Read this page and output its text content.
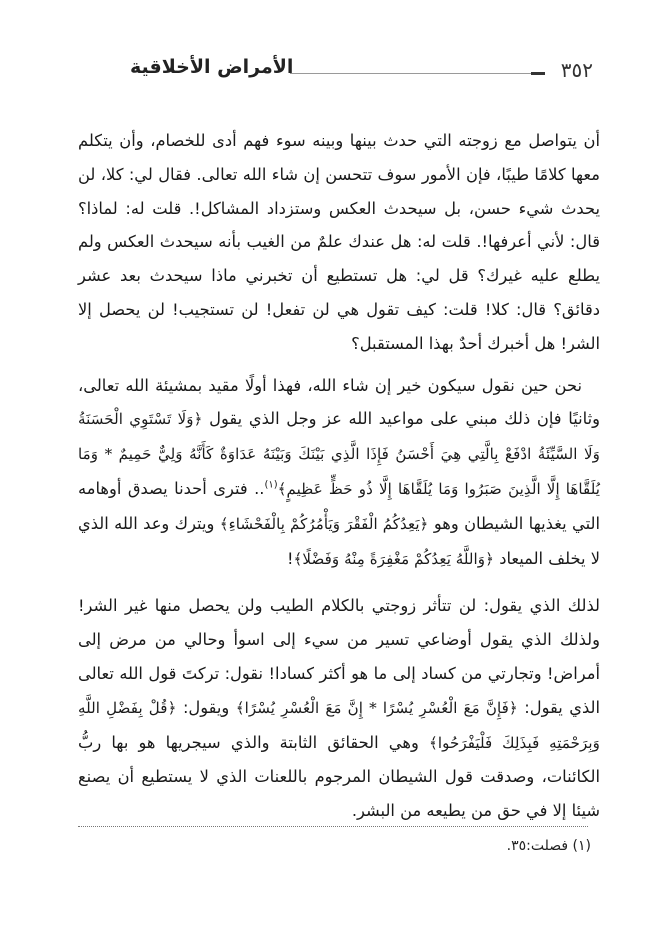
٣٥٢
الأمراض الأخلاقية

أن يتواصل مع زوجته التي حدث بينها وبينه سوء فهم أدى للخصام، وأن يتكلم معها كلامًا طيبًا، فإن الأمور سوف تتحسن إن شاء الله تعالى. فقال لي: كلا، لن يحدث شيء حسن، بل سيحدث العكس وستزداد المشاكل!. قلت له: لماذا؟ قال: لأني أعرفها!. قلت له: هل عندك علمٌ من الغيب بأنه سيحدث العكس ولم يطلع عليه غيرك؟ قل لي: هل تستطيع أن تخبرني ماذا سيحدث بعد عشر دقائق؟ قال: كلا! قلت: كيف تقول هي لن تفعل! لن تستجيب! لن يحصل إلا الشر! هل أخبرك أحدٌ بهذا المستقبل؟

نحن حين نقول سيكون خير إن شاء الله، فهذا أولًا مقيد بمشيئة الله تعالى، وثانيًا فإن ذلك مبني على مواعيد الله عز وجل الذي يقول ﴿وَلَا تَسْتَوِي الْحَسَنَةُ وَلَا السَّيِّئَةُ ادْفَعْ بِالَّتِي هِيَ أَحْسَنُ فَإِذَا الَّذِي بَيْنَكَ وَبَيْنَهُ عَدَاوَةٌ كَأَنَّهُ وَلِيٌّ حَمِيمٌ * وَمَا يُلَقَّاهَا إِلَّا الَّذِينَ صَبَرُوا وَمَا يُلَقَّاهَا إِلَّا ذُو حَظٍّ عَظِيمٍ﴾$^{(١)}$.. فترى أحدنا يصدق أوهامه التي يغذيها الشيطان وهو ﴿يَعِدُكُمُ الْفَقْرَ وَيَأْمُرُكُمْ بِالْفَحْشَاءِ﴾ ويترك وعد الله الذي لا يخلف الميعاد ﴿وَاللَّهُ يَعِدُكُمْ مَغْفِرَةً مِنْهُ وَفَضْلًا﴾!

لذلك الذي يقول: لن تتأثر زوجتي بالكلام الطيب ولن يحصل منها غير الشر! ولذلك الذي يقول أوضاعي تسير من سيء إلى اسوأ وحالي من مرض إلى أمراض! وتجارتي من كساد إلى ما هو أكثر كسادا! نقول: تركتَ قول الله تعالى الذي يقول: ﴿فَإِنَّ مَعَ الْعُسْرِ يُسْرًا * إِنَّ مَعَ الْعُسْرِ يُسْرًا﴾ ويقول: ﴿قُلْ بِفَضْلِ اللَّهِ وَبِرَحْمَتِهِ فَبِذَلِكَ فَلْيَفْرَحُوا﴾ وهي الحقائق الثابتة والذي سيجريها هو بها ربُّ الكائنات، وصدقت قول الشيطان المرجوم باللعنات الذي لا يستطيع أن يصنع شيئا إلا في حق من يطيعه من البشر.

(١) فصلت:٣٥.
